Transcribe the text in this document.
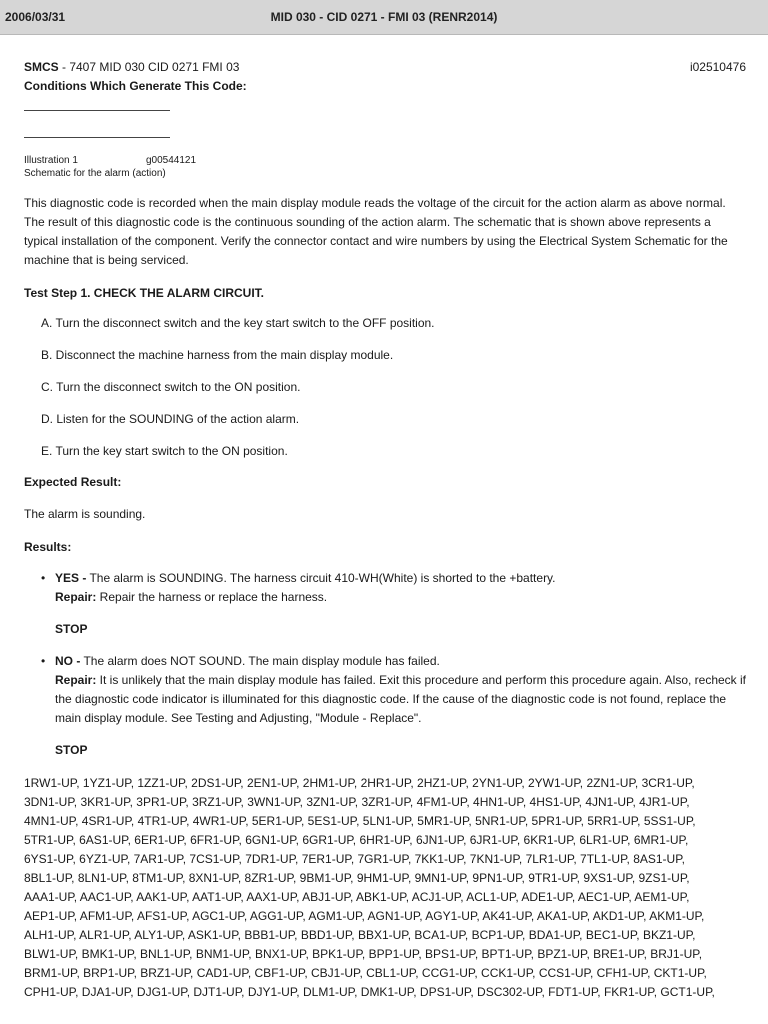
2006/03/31	MID 030 - CID 0271 - FMI 03 (RENR2014)
SMCS - 7407 MID 030 CID 0271 FMI 03	i02510476
Conditions Which Generate This Code:
Illustration 1	g00544121
Schematic for the alarm (action)

This diagnostic code is recorded when the main display module reads the voltage of the circuit for the action alarm as above normal. The result of this diagnostic code is the continuous sounding of the action alarm. The schematic that is shown above represents a typical installation of the component. Verify the connector contact and wire numbers by using the Electrical System Schematic for the machine that is being serviced.

Test Step 1. CHECK THE ALARM CIRCUIT.
A. Turn the disconnect switch and the key start switch to the OFF position.
B. Disconnect the machine harness from the main display module.
C. Turn the disconnect switch to the ON position.
D. Listen for the SOUNDING of the action alarm.
E. Turn the key start switch to the ON position.
Expected Result:
The alarm is sounding.
Results:
• YES - The alarm is SOUNDING. The harness circuit 410-WH(White) is shorted to the +battery.
Repair: Repair the harness or replace the harness.
STOP
• NO - The alarm does NOT SOUND. The main display module has failed.
Repair: It is unlikely that the main display module has failed. Exit this procedure and perform this procedure again. Also, recheck if the diagnostic code indicator is illuminated for this diagnostic code. If the cause of the diagnostic code is not found, replace the main display module. See Testing and Adjusting, "Module - Replace".
STOP
1RW1-UP, 1YZ1-UP, 1ZZ1-UP, 2DS1-UP, 2EN1-UP, 2HM1-UP, 2HR1-UP, 2HZ1-UP, 2YN1-UP, 2YW1-UP, 2ZN1-UP, 3CR1-UP,
3DN1-UP, 3KR1-UP, 3PR1-UP, 3RZ1-UP, 3WN1-UP, 3ZN1-UP, 3ZR1-UP, 4FM1-UP, 4HN1-UP, 4HS1-UP, 4JN1-UP, 4JR1-UP,
4MN1-UP, 4SR1-UP, 4TR1-UP, 4WR1-UP, 5ER1-UP, 5ES1-UP, 5LN1-UP, 5MR1-UP, 5NR1-UP, 5PR1-UP, 5RR1-UP, 5SS1-UP,
5TR1-UP, 6AS1-UP, 6ER1-UP, 6FR1-UP, 6GN1-UP, 6GR1-UP, 6HR1-UP, 6JN1-UP, 6JR1-UP, 6KR1-UP, 6LR1-UP, 6MR1-UP,
6YS1-UP, 6YZ1-UP, 7AR1-UP, 7CS1-UP, 7DR1-UP, 7ER1-UP, 7GR1-UP, 7KK1-UP, 7KN1-UP, 7LR1-UP, 7TL1-UP, 8AS1-UP,
8BL1-UP, 8LN1-UP, 8TM1-UP, 8XN1-UP, 8ZR1-UP, 9BM1-UP, 9HM1-UP, 9MN1-UP, 9PN1-UP, 9TR1-UP, 9XS1-UP, 9ZS1-UP,
AAA1-UP, AAC1-UP, AAK1-UP, AAT1-UP, AAX1-UP, ABJ1-UP, ABK1-UP, ACJ1-UP, ACL1-UP, ADE1-UP, AEC1-UP, AEM1-UP,
AEP1-UP, AFM1-UP, AFS1-UP, AGC1-UP, AGG1-UP, AGM1-UP, AGN1-UP, AGY1-UP, AK41-UP, AKA1-UP, AKD1-UP, AKM1-UP,
ALH1-UP, ALR1-UP, ALY1-UP, ASK1-UP, BBB1-UP, BBD1-UP, BBX1-UP, BCA1-UP, BCP1-UP, BDA1-UP, BEC1-UP, BKZ1-UP,
BLW1-UP, BMK1-UP, BNL1-UP, BNM1-UP, BNX1-UP, BPK1-UP, BPP1-UP, BPS1-UP, BPT1-UP, BPZ1-UP, BRE1-UP, BRJ1-UP,
BRM1-UP, BRP1-UP, BRZ1-UP, CAD1-UP, CBF1-UP, CBJ1-UP, CBL1-UP, CCG1-UP, CCK1-UP, CCS1-UP, CFH1-UP, CKT1-UP,
CPH1-UP, DJA1-UP, DJG1-UP, DJT1-UP, DJY1-UP, DLM1-UP, DMK1-UP, DPS1-UP, DSC302-UP, FDT1-UP, FKR1-UP, GCT1-UP,
